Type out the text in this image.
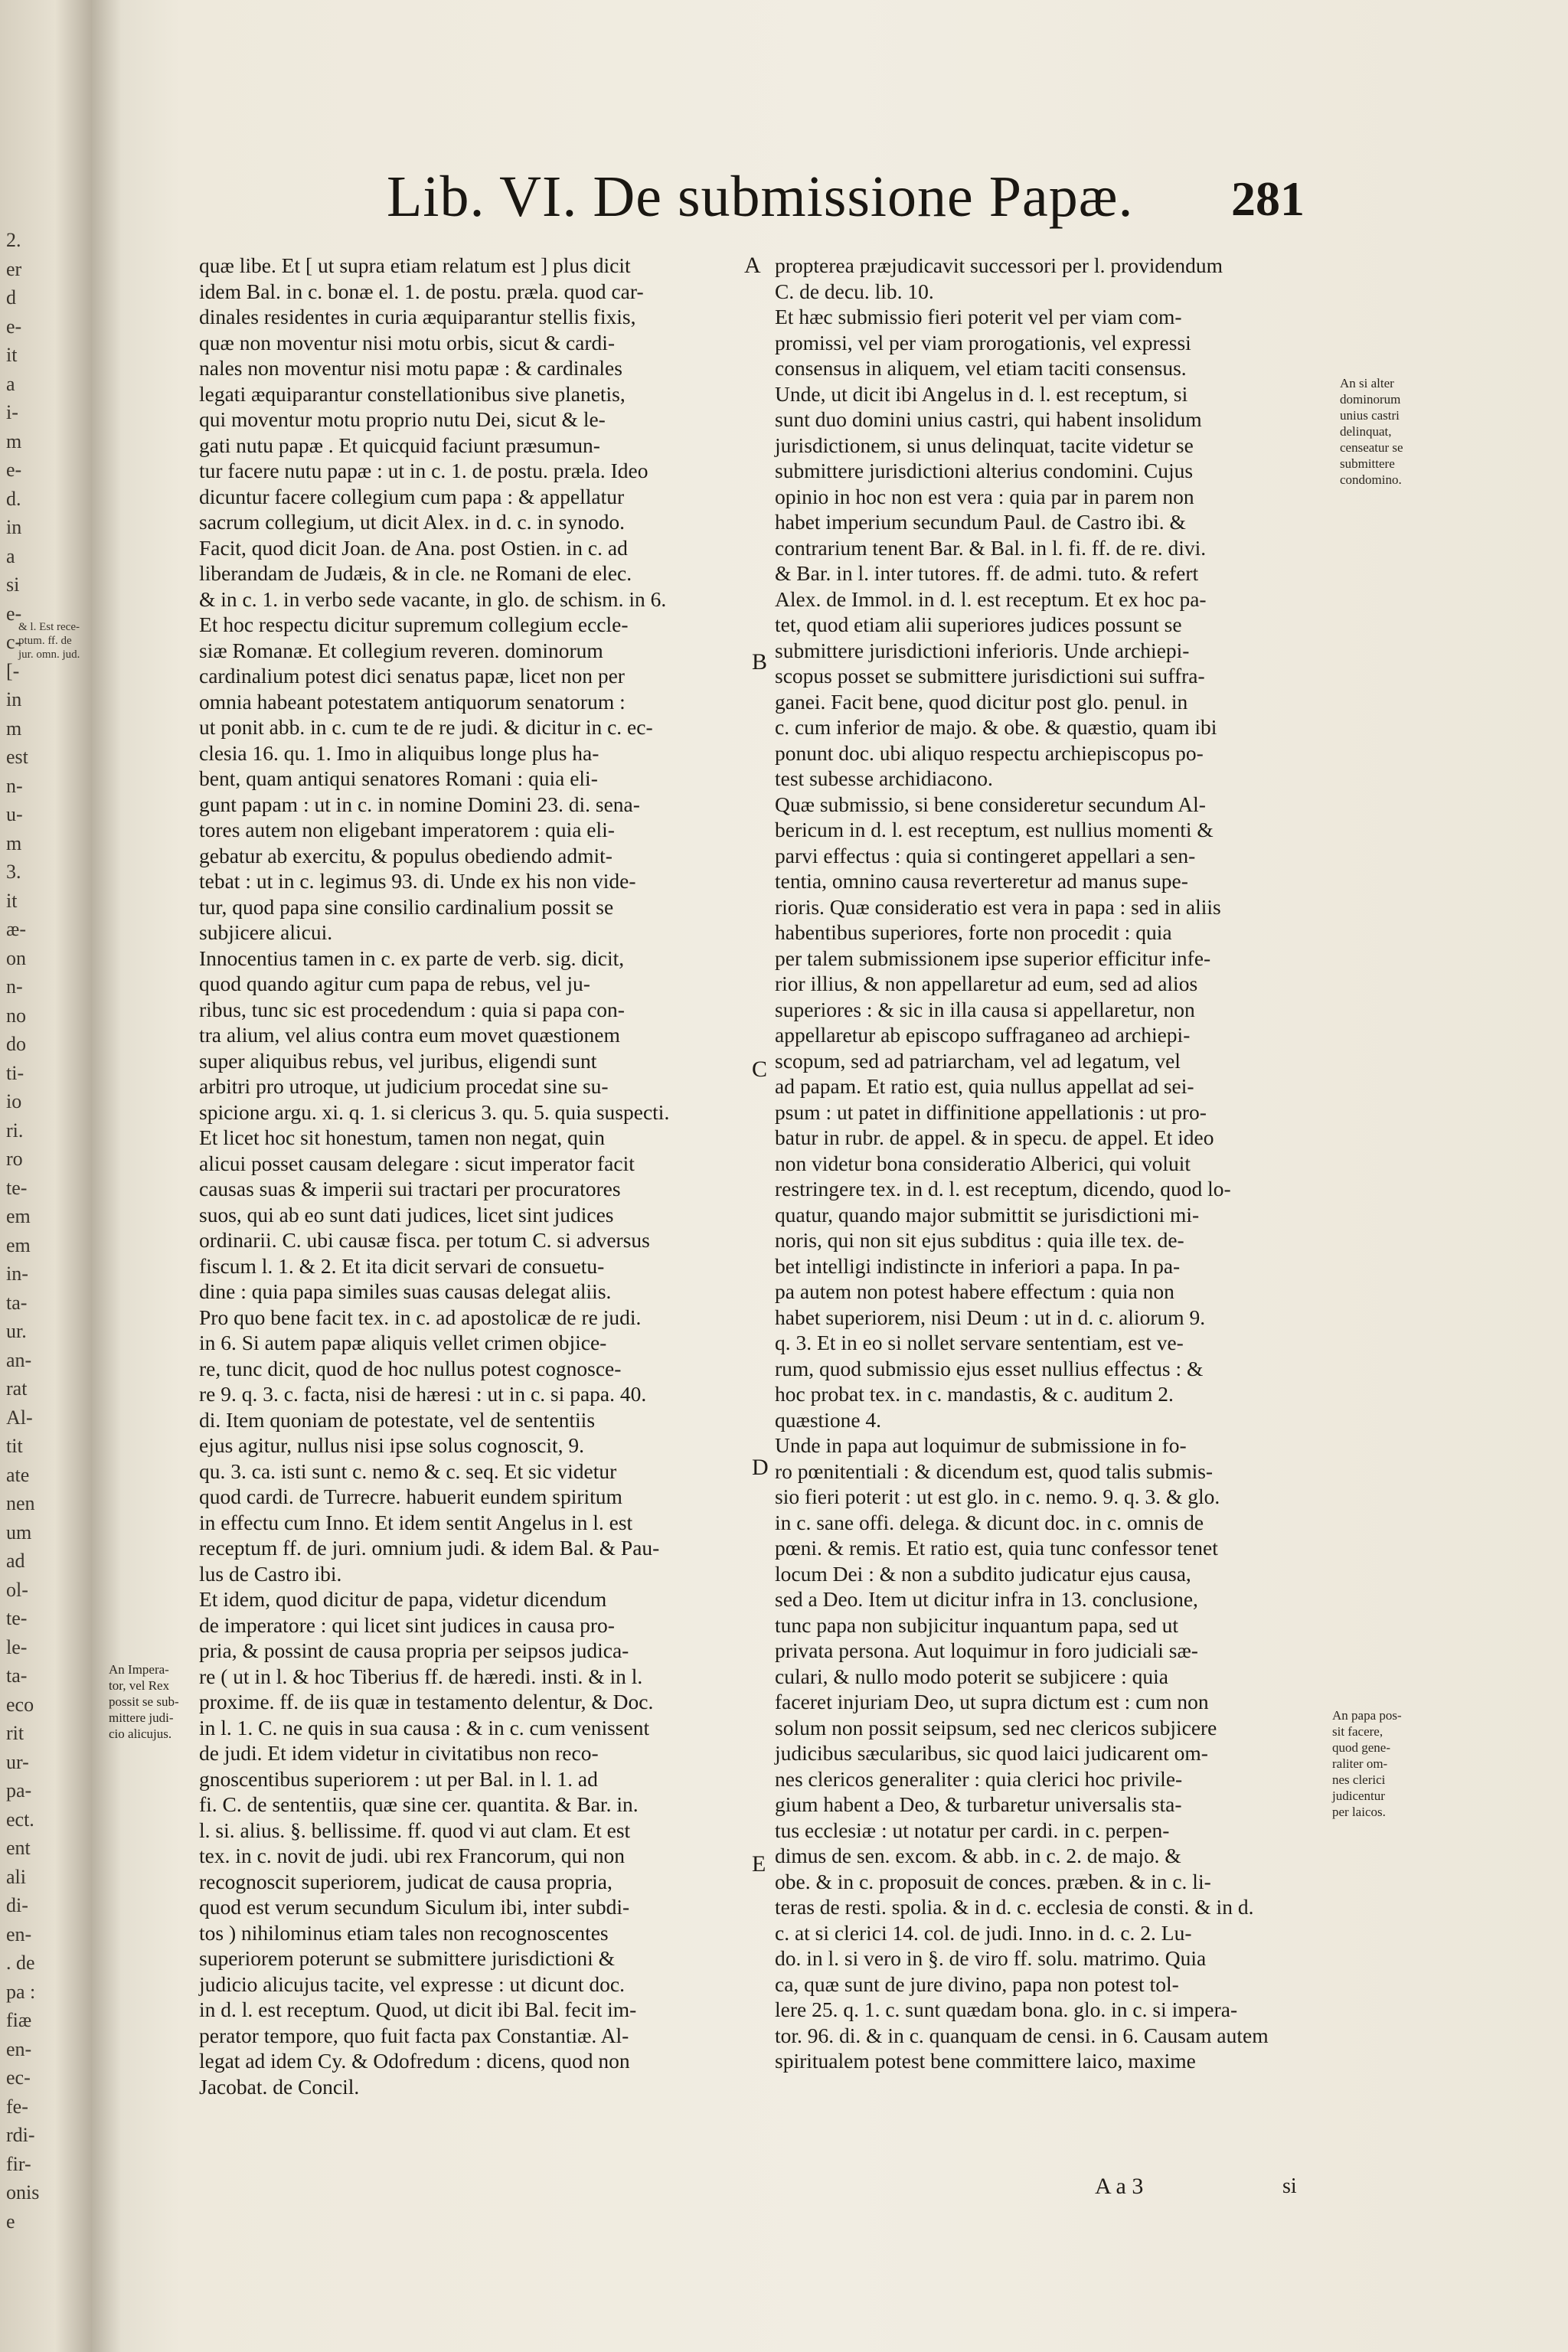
2.
er
d
e-
it
a
i-
m
e-
d.
in
a
si
e-
c-
[-
in
m
est
n-
u-
m
3.
it
æ-
on
n-
no
do
ti-
io
ri.
ro
te-
em
em
in-
ta-
ur.
an-
rat
Al-
tit
ate
nen
um
ad
ol-
te-
le-
ta-
eco
rit
ur-
pa-
ect.
ent
ali
di-
en-
. de
pa :
fiæ
en-
ec-
fe-
rdi-
fir-
onis
e
& l. Est rece-
ptum. ff. de
jur. omn. jud.
Lib. VI. De submissione Papæ. 281
quæ libe. Et [ ut supra etiam relatum est ] plus dicit
idem Bal. in c. bonæ el. 1. de postu. præla. quod car-
dinales residentes in curia æquiparantur stellis fixis,
quæ non moventur nisi motu orbis, sicut & cardi-
nales non moventur nisi motu papæ : & cardinales
legati æquiparantur constellationibus sive planetis,
qui moventur motu proprio nutu Dei, sicut & le-
gati nutu papæ . Et quicquid faciunt præsumun-
tur facere nutu papæ : ut in c. 1. de postu. præla. Ideo
dicuntur facere collegium cum papa : & appellatur
sacrum collegium, ut dicit Alex. in d. c. in synodo.
Facit, quod dicit Joan. de Ana. post Ostien. in c. ad
liberandam de Judæis, & in cle. ne Romani de elec.
& in c. 1. in verbo sede vacante, in glo. de schism. in 6.
Et hoc respectu dicitur supremum collegium eccle-
siæ Romanæ. Et collegium reveren. dominorum
cardinalium potest dici senatus papæ, licet non per
omnia habeant potestatem antiquorum senatorum :
ut ponit abb. in c. cum te de re judi. & dicitur in c. ec-
clesia 16. qu. 1. Imo in aliquibus longe plus ha-
bent, quam antiqui senatores Romani : quia eli-
gunt papam : ut in c. in nomine Domini 23. di. sena-
tores autem non eligebant imperatorem : quia eli-
gebatur ab exercitu, & populus obediendo admit-
tebat : ut in c. legimus 93. di. Unde ex his non vide-
tur, quod papa sine consilio cardinalium possit se
subjicere alicui.
Innocentius tamen in c. ex parte de verb. sig. dicit,
quod quando agitur cum papa de rebus, vel ju-
ribus, tunc sic est procedendum : quia si papa con-
tra alium, vel alius contra eum movet quæstionem
super aliquibus rebus, vel juribus, eligendi sunt
arbitri pro utroque, ut judicium procedat sine su-
spicione argu. xi. q. 1. si clericus 3. qu. 5. quia suspecti.
Et licet hoc sit honestum, tamen non negat, quin
alicui posset causam delegare : sicut imperator facit
causas suas & imperii sui tractari per procuratores
suos, qui ab eo sunt dati judices, licet sint judices
ordinarii. C. ubi causæ fisca. per totum C. si adversus
fiscum l. 1. & 2. Et ita dicit servari de consuetu-
dine : quia papa similes suas causas delegat aliis.
Pro quo bene facit tex. in c. ad apostolicæ de re judi.
in 6. Si autem papæ aliquis vellet crimen objice-
re, tunc dicit, quod de hoc nullus potest cognosce-
re 9. q. 3. c. facta, nisi de hæresi : ut in c. si papa. 40.
di. Item quoniam de potestate, vel de sententiis
ejus agitur, nullus nisi ipse solus cognoscit, 9.
qu. 3. ca. isti sunt c. nemo & c. seq. Et sic videtur
quod cardi. de Turrecre. habuerit eundem spiritum
in effectu cum Inno. Et idem sentit Angelus in l. est
receptum ff. de juri. omnium judi. & idem Bal. & Pau-
lus de Castro ibi.
Et idem, quod dicitur de papa, videtur dicendum
de imperatore : qui licet sint judices in causa pro-
pria, & possint de causa propria per seipsos judica-
re ( ut in l. & hoc Tiberius ff. de hæredi. insti. & in l.
proxime. ff. de iis quæ in testamento delentur, & Doc.
in l. 1. C. ne quis in sua causa : & in c. cum venissent
de judi. Et idem videtur in civitatibus non reco-
gnoscentibus superiorem : ut per Bal. in l. 1. ad
fi. C. de sententiis, quæ sine cer. quantita. & Bar. in.
l. si. alius. §. bellissime. ff. quod vi aut clam. Et est
tex. in c. novit de judi. ubi rex Francorum, qui non
recognoscit superiorem, judicat de causa propria,
quod est verum secundum Siculum ibi, inter subdi-
tos ) nihilominus etiam tales non recognoscentes
superiorem poterunt se submittere jurisdictioni &
judicio alicujus tacite, vel expresse : ut dicunt doc.
in d. l. est receptum. Quod, ut dicit ibi Bal. fecit im-
perator tempore, quo fuit facta pax Constantiæ. Al-
legat ad idem Cy. & Odofredum : dicens, quod non
Jacobat. de Concil.
propterea præjudicavit successori per l. providendum
C. de decu. lib. 10.
Et hæc submissio fieri poterit vel per viam com-
promissi, vel per viam prorogationis, vel expressi
consensus in aliquem, vel etiam taciti consensus.
Unde, ut dicit ibi Angelus in d. l. est receptum, si
sunt duo domini unius castri, qui habent insolidum
jurisdictionem, si unus delinquat, tacite videtur se
submittere jurisdictioni alterius condomini. Cujus
opinio in hoc non est vera : quia par in parem non
habet imperium secundum Paul. de Castro ibi. &
contrarium tenent Bar. & Bal. in l. fi. ff. de re. divi.
& Bar. in l. inter tutores. ff. de admi. tuto. & refert
Alex. de Immol. in d. l. est receptum. Et ex hoc pa-
tet, quod etiam alii superiores judices possunt se
submittere jurisdictioni inferioris. Unde archiepi-
scopus posset se submittere jurisdictioni sui suffra-
ganei. Facit bene, quod dicitur post glo. penul. in
c. cum inferior de majo. & obe. & quæstio, quam ibi
ponunt doc. ubi aliquo respectu archiepiscopus po-
test subesse archidiacono.
Quæ submissio, si bene consideretur secundum Al-
bericum in d. l. est receptum, est nullius momenti &
parvi effectus : quia si contingeret appellari a sen-
tentia, omnino causa reverteretur ad manus supe-
rioris. Quæ consideratio est vera in papa : sed in aliis
habentibus superiores, forte non procedit : quia
per talem submissionem ipse superior efficitur infe-
rior illius, & non appellaretur ad eum, sed ad alios
superiores : & sic in illa causa si appellaretur, non
appellaretur ab episcopo suffraganeo ad archiepi-
scopum, sed ad patriarcham, vel ad legatum, vel
ad papam. Et ratio est, quia nullus appellat ad sei-
psum : ut patet in diffinitione appellationis : ut pro-
batur in rubr. de appel. & in specu. de appel. Et ideo
non videtur bona consideratio Alberici, qui voluit
restringere tex. in d. l. est receptum, dicendo, quod lo-
quatur, quando major submittit se jurisdictioni mi-
noris, qui non sit ejus subditus : quia ille tex. de-
bet intelligi indistincte in inferiori a papa. In pa-
pa autem non potest habere effectum : quia non
habet superiorem, nisi Deum : ut in d. c. aliorum 9.
q. 3. Et in eo si nollet servare sententiam, est ve-
rum, quod submissio ejus esset nullius effectus : &
hoc probat tex. in c. mandastis, & c. auditum 2.
quæstione 4.
Unde in papa aut loquimur de submissione in fo-
ro pœnitentiali : & dicendum est, quod talis submis-
sio fieri poterit : ut est glo. in c. nemo. 9. q. 3. & glo.
in c. sane offi. delega. & dicunt doc. in c. omnis de
pœni. & remis. Et ratio est, quia tunc confessor tenet
locum Dei : & non a subdito judicatur ejus causa,
sed a Deo. Item ut dicitur infra in 13. conclusione,
tunc papa non subjicitur inquantum papa, sed ut
privata persona. Aut loquimur in foro judiciali sæ-
culari, & nullo modo poterit se subjicere : quia
faceret injuriam Deo, ut supra dictum est : cum non
solum non possit seipsum, sed nec clericos subjicere
judicibus sæcularibus, sic quod laici judicarent om-
nes clericos generaliter : quia clerici hoc privile-
gium habent a Deo, & turbaretur universalis sta-
tus ecclesiæ : ut notatur per cardi. in c. perpen-
dimus de sen. excom. & abb. in c. 2. de majo. &
obe. & in c. proposuit de conces. præben. & in c. li-
teras de resti. spolia. & in d. c. ecclesia de consti. & in d.
c. at si clerici 14. col. de judi. Inno. in d. c. 2. Lu-
do. in l. si vero in §. de viro ff. solu. matrimo. Quia
ca, quæ sunt de jure divino, papa non potest tol-
lere 25. q. 1. c. sunt quædam bona. glo. in c. si impera-
tor. 96. di. & in c. quanquam de censi. in 6. Causam autem
spiritualem potest bene committere laico, maxime
A
B
C
D
E
An si alter
dominorum
unius castri
delinquat,
censeatur se
submittere
condomino.
An Impera-
tor, vel Rex
possit se sub-
mittere judi-
cio alicujus.
An papa pos-
sit facere,
quod gene-
raliter om-
nes clerici
judicentur
per laicos.
A a 3	si
